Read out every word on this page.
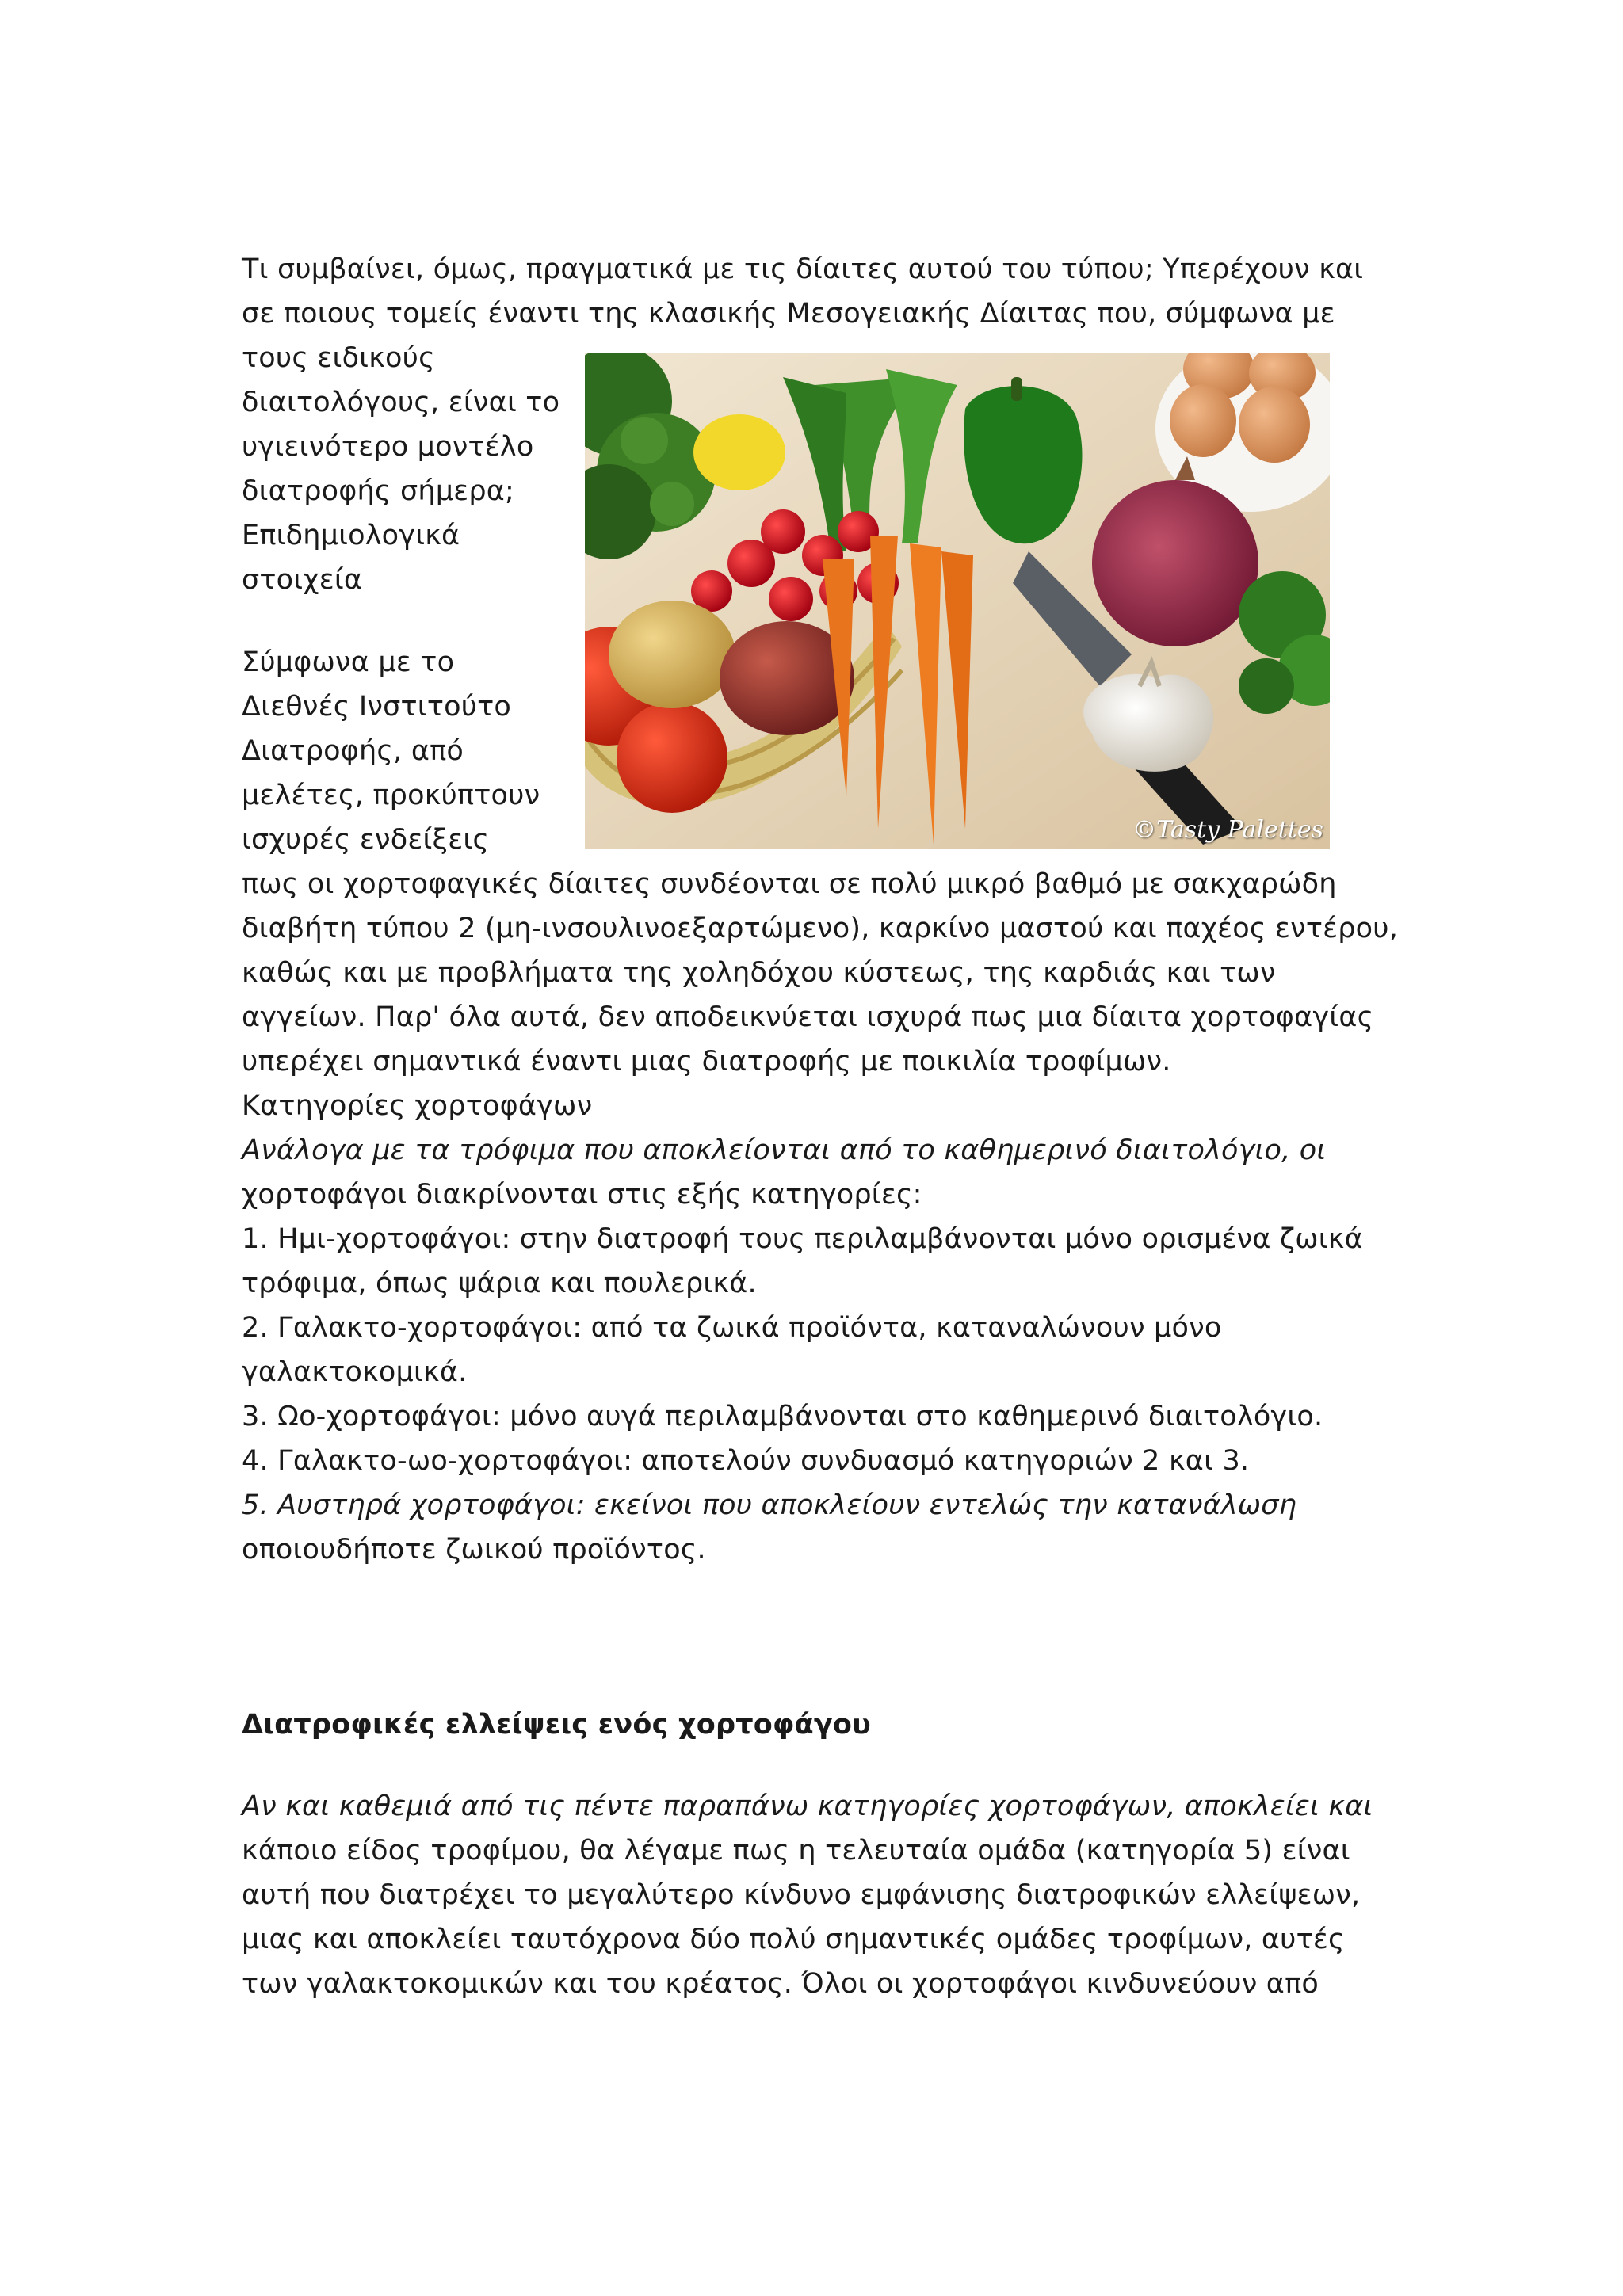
Τι συμβαίνει, όμως, πραγματικά με τις δίαιτες αυτού του τύπου; Υπερέχουν και
σε ποιους τομείς έναντι της κλασικής Μεσογειακής Δίαιτας που, σύμφωνα με
τους ειδικούς
διαιτολόγους, είναι το
υγιεινότερο μοντέλο
διατροφής σήμερα;
Επιδημιολογικά
στοιχεία
Σύμφωνα με το
Διεθνές Ινστιτούτο
Διατροφής, από
μελέτες, προκύπτουν
ισχυρές ενδείξεις
πως οι χορτοφαγικές δίαιτες συνδέονται σε πολύ μικρό βαθμό με σακχαρώδη
διαβήτη τύπου 2 (μη-ινσουλινοεξαρτώμενο), καρκίνο μαστού και παχέος εντέρου,
καθώς και με προβλήματα της χοληδόχου κύστεως, της καρδιάς και των
αγγείων. Παρ' όλα αυτά, δεν αποδεικνύεται ισχυρά πως μια δίαιτα χορτοφαγίας
υπερέχει σημαντικά έναντι μιας διατροφής με ποικιλία τροφίμων.
Κατηγορίες χορτοφάγων
Ανάλογα με τα τρόφιμα που αποκλείονται από το καθημερινό διαιτολόγιο, οι
χορτοφάγοι διακρίνονται στις εξής κατηγορίες:
1. Ημι-χορτοφάγοι: στην διατροφή τους περιλαμβάνονται μόνο ορισμένα ζωικά
τρόφιμα, όπως ψάρια και πουλερικά.
2. Γαλακτο-χορτοφάγοι: από τα ζωικά προϊόντα, καταναλώνουν μόνο
γαλακτοκομικά.
3. Ωο-χορτοφάγοι: μόνο αυγά περιλαμβάνονται στο καθημερινό διαιτολόγιο.
4. Γαλακτο-ωο-χορτοφάγοι: αποτελούν συνδυασμό κατηγοριών 2 και 3.
5. Αυστηρά χορτοφάγοι: εκείνοι που αποκλείουν εντελώς την κατανάλωση
οποιουδήποτε ζωικού προϊόντος.
Διατροφικές ελλείψεις ενός χορτοφάγου
Αν και καθεμιά από τις πέντε παραπάνω κατηγορίες χορτοφάγων, αποκλείει και
κάποιο είδος τροφίμου, θα λέγαμε πως η τελευταία ομάδα (κατηγορία 5) είναι
αυτή που διατρέχει το μεγαλύτερο κίνδυνο εμφάνισης διατροφικών ελλείψεων,
μιας και αποκλείει ταυτόχρονα δύο πολύ σημαντικές ομάδες τροφίμων, αυτές
των γαλακτοκομικών και του κρέατος. Όλοι οι χορτοφάγοι κινδυνεύουν από
©Tasty Palettes
